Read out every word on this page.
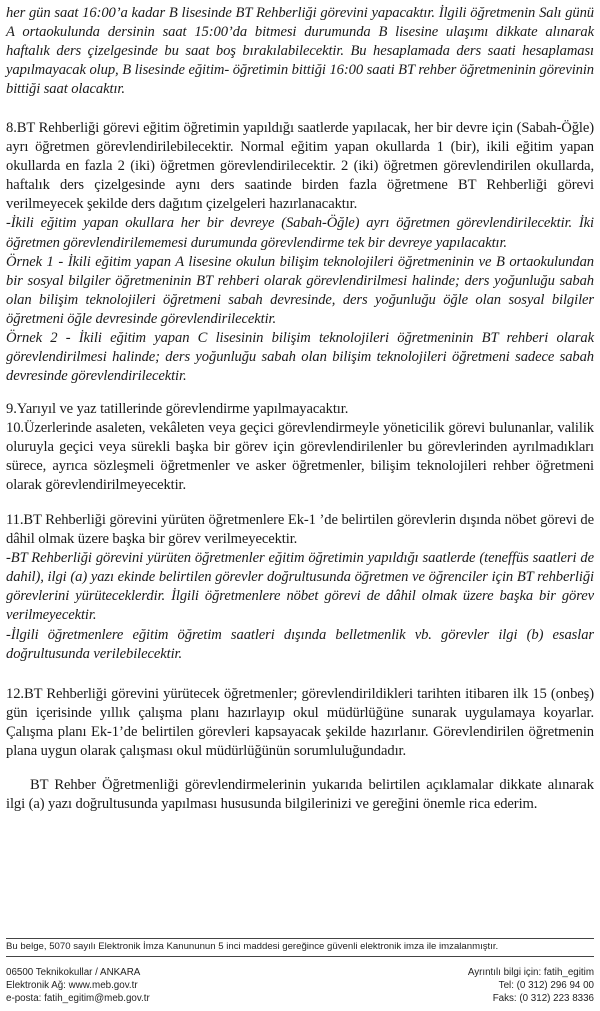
her gün saat 16:00’a kadar B lisesinde BT Rehberliği görevini yapacaktır. İlgili öğretmenin Salı günü A ortaokulunda dersinin saat 15:00’da bitmesi durumunda B lisesine ulaşımı dikkate alınarak haftalık ders çizelgesinde bu saat boş bırakılabilecektir. Bu hesaplamada ders saati hesaplaması yapılmayacak olup, B lisesinde eğitim- öğretimin bittiği 16:00 saati BT rehber öğretmeninin görevinin bittiği saat olacaktır.

8.BT Rehberliği görevi eğitim öğretimin yapıldığı saatlerde yapılacak, her bir devre için (Sabah-Öğle) ayrı öğretmen görevlendirilebilecektir. Normal eğitim yapan okullarda 1 (bir), ikili eğitim yapan okullarda en fazla 2 (iki) öğretmen görevlendirilecektir. 2 (iki) öğretmen görevlendirilen okullarda, haftalık ders çizelgesinde aynı ders saatinde birden fazla öğretmene BT Rehberliği görevi verilmeyecek şekilde ders dağıtım çizelgeleri hazırlanacaktır.

-İkili eğitim yapan okullara her bir devreye (Sabah-Öğle) ayrı öğretmen görevlendirilecektir. İki öğretmen görevlendirilememesi durumunda görevlendirme tek bir devreye yapılacaktır.

Örnek 1 - İkili eğitim yapan A lisesine okulun bilişim teknolojileri öğretmeninin ve B ortaokulundan bir sosyal bilgiler öğretmeninin BT rehberi olarak görevlendirilmesi halinde; ders yoğunluğu sabah olan bilişim teknolojileri öğretmeni sabah devresinde, ders yoğunluğu öğle olan sosyal bilgiler öğretmeni öğle devresinde görevlendirilecektir.

Örnek 2 - İkili eğitim yapan C lisesinin bilişim teknolojileri öğretmeninin BT rehberi olarak görevlendirilmesi halinde; ders yoğunluğu sabah olan bilişim teknolojileri öğretmeni sadece sabah devresinde görevlendirilecektir.

9.Yarıyıl ve yaz tatillerinde görevlendirme yapılmayacaktır.

10.Üzerlerinde asaleten, vekâleten veya geçici görevlendirmeyle yöneticilik görevi bulunanlar, valilik oluruyla geçici veya sürekli başka bir görev için görevlendirilenler bu görevlerinden ayrılmadıkları sürece, ayrıca sözleşmeli öğretmenler ve asker öğretmenler, bilişim teknolojileri rehber öğretmeni olarak görevlendirilmeyecektir.

11.BT Rehberliği görevini yürüten öğretmenlere Ek-1 ’de belirtilen görevlerin dışında nöbet görevi de dâhil olmak üzere başka bir görev verilmeyecektir.

-BT Rehberliği görevini yürüten öğretmenler eğitim öğretimin yapıldığı saatlerde (teneffüs saatleri de dahil), ilgi (a) yazı ekinde belirtilen görevler doğrultusunda öğretmen ve öğrenciler için BT rehberliği görevlerini yürüteceklerdir. İlgili öğretmenlere nöbet görevi de dâhil olmak üzere başka bir görev verilmeyecektir.

-İlgili öğretmenlere eğitim öğretim saatleri dışında belletmenlik vb. görevler ilgi (b) esaslar doğrultusunda verilebilecektir.

12.BT Rehberliği görevini yürütecek öğretmenler; görevlendirildikleri tarihten itibaren ilk 15 (onbeş) gün içerisinde yıllık çalışma planı hazırlayıp okul müdürlüğüne sunarak uygulamaya koyarlar. Çalışma planı Ek-1’de belirtilen görevleri kapsayacak şekilde hazırlanır. Görevlendirilen öğretmenin plana uygun olarak çalışması okul müdürlüğünün sorumluluğundadır.

BT Rehber Öğretmenliği görevlendirmelerinin yukarıda belirtilen açıklamalar dikkate alınarak ilgi (a) yazı doğrultusunda yapılması hususunda bilgilerinizi ve gereğini önemle rica ederim.

Bu belge, 5070 sayılı Elektronik İmza Kanununun 5 inci maddesi gereğince güvenli elektronik imza ile imzalanmıştır.
06500 Teknikokullar / ANKARA
Elektronik Ağ: www.meb.gov.tr
e-posta: fatih_egitim@meb.gov.tr
Ayrıntılı bilgi için: fatih_egitim
Tel: (0 312) 296 94 00
Faks: (0 312) 223 8336
